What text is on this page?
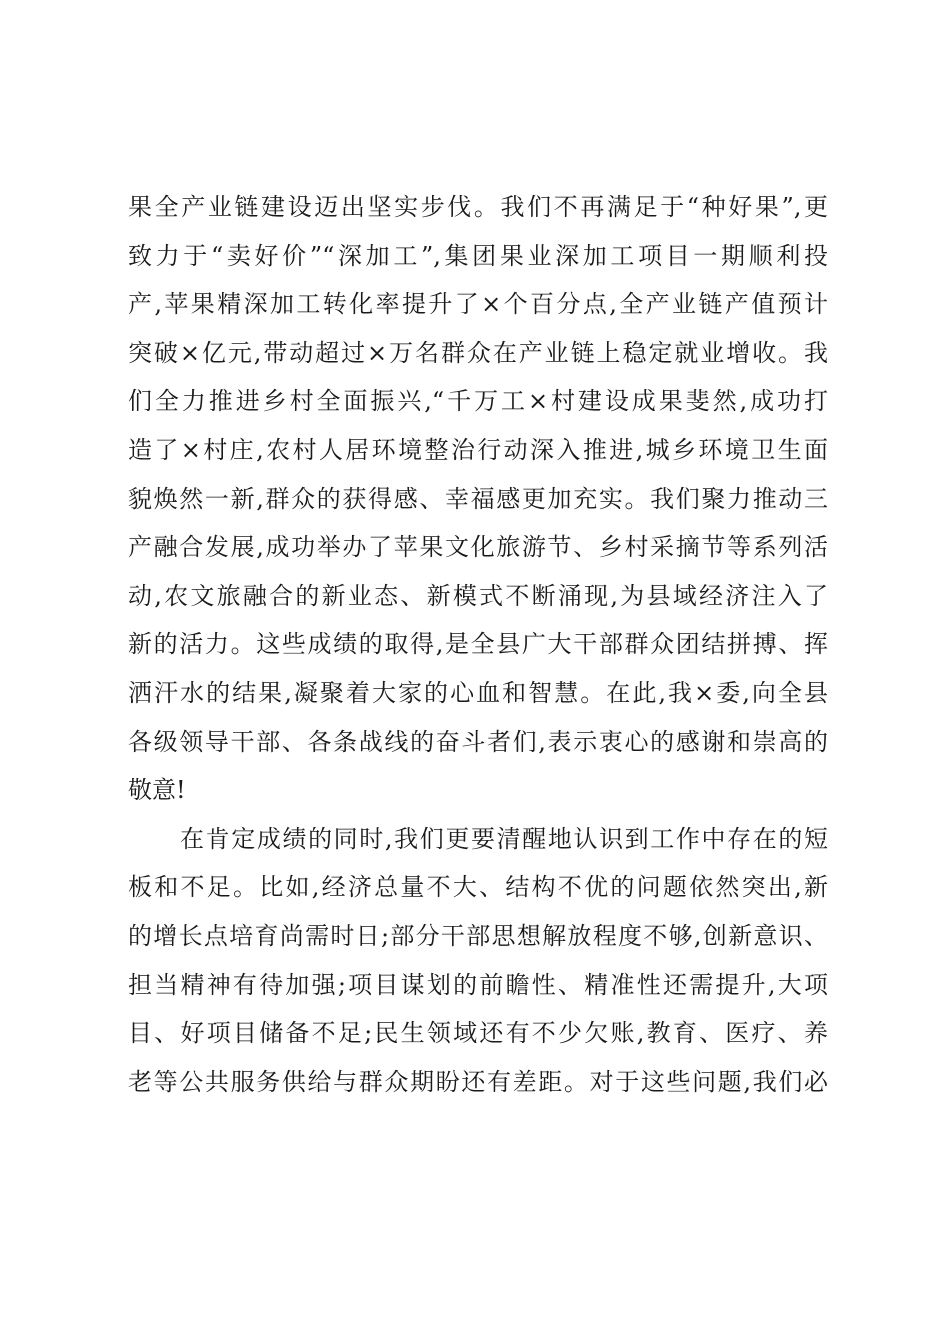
果全产业链建设迈出坚实步伐。我们不再满足于“种好果”,更
致力于“卖好价”“深加工”,集团果业深加工项目一期顺利投
产,苹果精深加工转化率提升了×个百分点,全产业链产值预计
突破×亿元,带动超过×万名群众在产业链上稳定就业增收。我
们全力推进乡村全面振兴,“千万工×村建设成果斐然,成功打
造了×村庄,农村人居环境整治行动深入推进,城乡环境卫生面
貌焕然一新,群众的获得感、幸福感更加充实。我们聚力推动三
产融合发展,成功举办了苹果文化旅游节、乡村采摘节等系列活
动,农文旅融合的新业态、新模式不断涌现,为县域经济注入了
新的活力。这些成绩的取得,是全县广大干部群众团结拼搏、挥
洒汗水的结果,凝聚着大家的心血和智慧。在此,我×委,向全县
各级领导干部、各条战线的奋斗者们,表示衷心的感谢和崇高的
敬意!
在肯定成绩的同时,我们更要清醒地认识到工作中存在的短
板和不足。比如,经济总量不大、结构不优的问题依然突出,新
的增长点培育尚需时日;部分干部思想解放程度不够,创新意识、
担当精神有待加强;项目谋划的前瞻性、精准性还需提升,大项
目、好项目储备不足;民生领域还有不少欠账,教育、医疗、养
老等公共服务供给与群众期盼还有差距。对于这些问题,我们必
